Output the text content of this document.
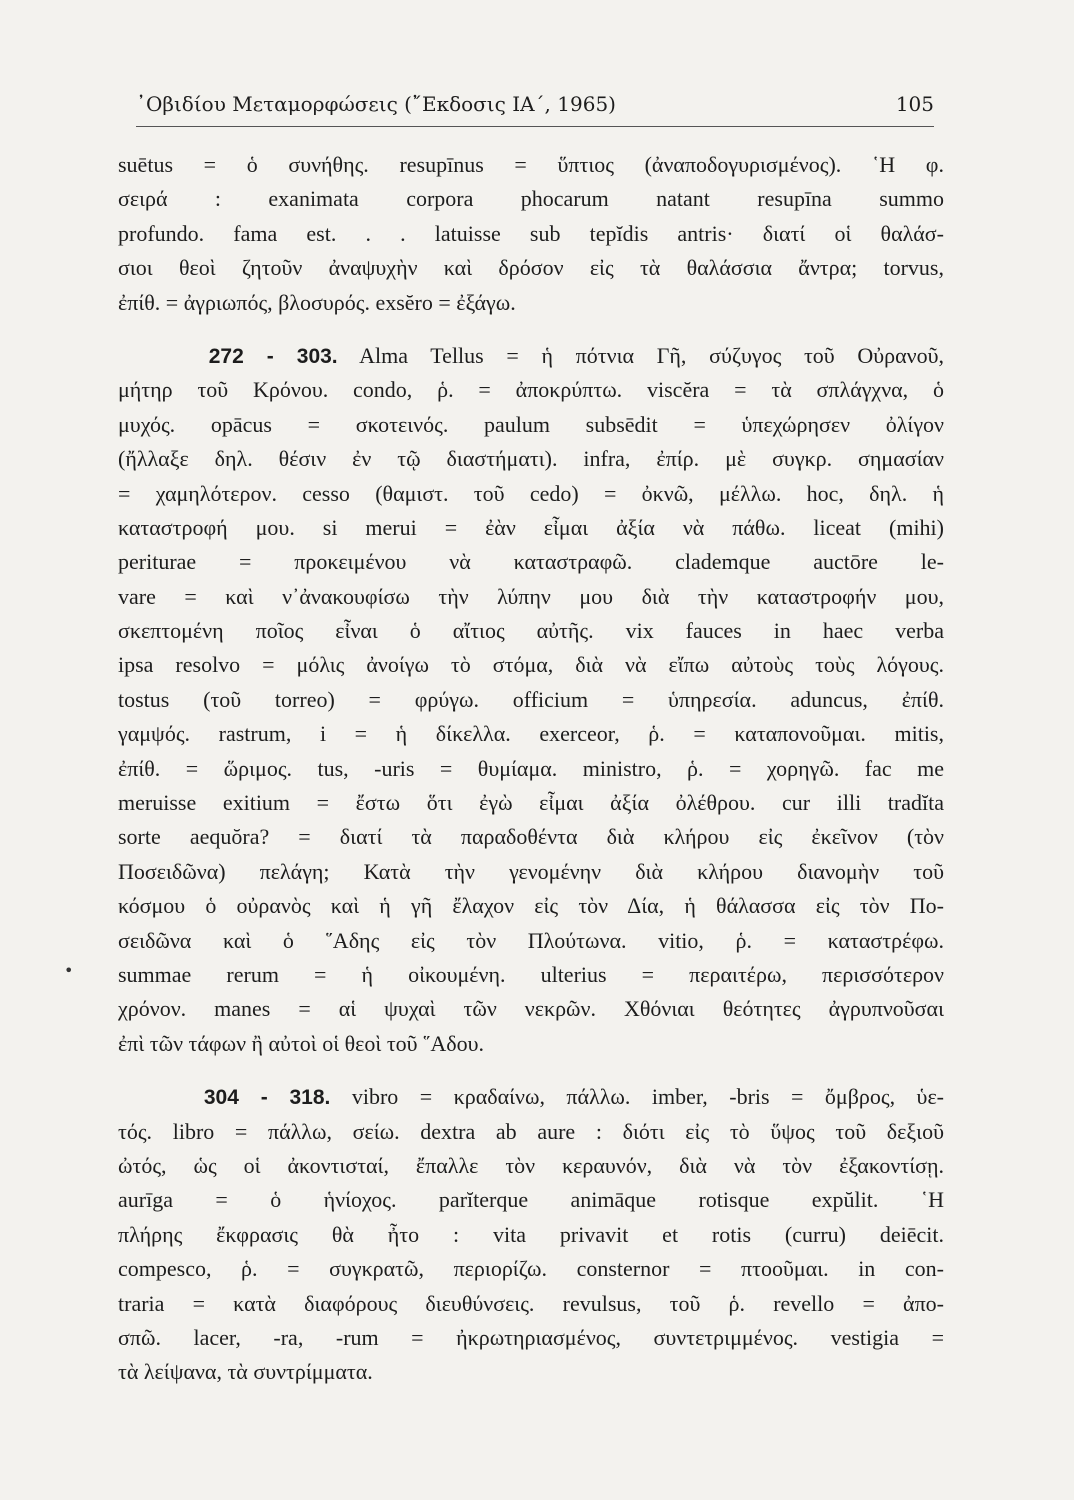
᾿Οβιδίου Μεταμορφώσεις (῎Εκδοσις ΙΑ΄, 1965)	105
•
suētus = ὁ συνήθης. resupīnus = ὕπτιος (ἀναποδογυρισμένος). ῾Η φ.
σειρά : exanimata corpora phocarum natant resupīna summo
profundo. fama est. . . latuisse sub tepĭdis antris· διατί οἱ θαλάσ-
σιοι θεοὶ ζητοῦν ἀναψυχὴν καὶ δρόσον εἰς τὰ θαλάσσια ἄντρα; torvus,
ἐπίθ. = ἀγριωπός, βλοσυρός. exsĕro = ἐξάγω.
272 - 303. Alma Tellus = ἡ πότνια Γῆ, σύζυγος τοῦ Οὐρανοῦ,
μήτηρ τοῦ Κρόνου. condo, ῥ. = ἀποκρύπτω. viscĕra = τὰ σπλάγχνα, ὁ
μυχός. opācus = σκοτεινός. paulum subsēdit = ὑπεχώρησεν ὀλίγον
(ἤλλαξε δηλ. θέσιν ἐν τῷ διαστήματι). infra, ἐπίρ. μὲ συγκρ. σημασίαν
= χαμηλότερον. cesso (θαμιστ. τοῦ cedo) = ὀκνῶ, μέλλω. hoc, δηλ. ἡ
καταστροφή μου. si merui = ἐὰν εἶμαι ἀξία νὰ πάθω. liceat (mihi)
periturae = προκειμένου νὰ καταστραφῶ. clademque auctōre le-
vare = καὶ ν᾿ἀνακουφίσω τὴν λύπην μου διὰ τὴν καταστροφήν μου,
σκεπτομένη ποῖος εἶναι ὁ αἴτιος αὐτῆς. vix fauces in haec verba
ipsa resolvo = μόλις ἀνοίγω τὸ στόμα, διὰ νὰ εἴπω αὐτοὺς τοὺς λόγους.
tostus (τοῦ torreo) = φρύγω. officium = ὑπηρεσία. aduncus, ἐπίθ.
γαμψός. rastrum, i = ἡ δίκελλα. exerceor, ῥ. = καταπονοῦμαι. mitis,
ἐπίθ. = ὥριμος. tus, -uris = θυμίαμα. ministro, ῥ. = χορηγῶ. fac me
meruisse exitium = ἔστω ὅτι ἐγὼ εἶμαι ἀξία ὀλέθρου. cur illi tradĭta
sorte aequŏra? = διατί τὰ παραδοθέντα διὰ κλήρου εἰς ἐκεῖνον (τὸν
Ποσειδῶνα) πελάγη; Κατὰ τὴν γενομένην διὰ κλήρου διανομὴν τοῦ
κόσμου ὁ οὐρανὸς καὶ ἡ γῆ ἔλαχον εἰς τὸν Δία, ἡ θάλασσα εἰς τὸν Πο-
σειδῶνα καὶ ὁ ῞Αδης εἰς τὸν Πλούτωνα. vitio, ῥ. = καταστρέφω.
summae rerum = ἡ οἰκουμένη. ulterius = περαιτέρω, περισσότερον
χρόνον. manes = αἱ ψυχαὶ τῶν νεκρῶν. Χθόνιαι θεότητες ἀγρυπνοῦσαι
ἐπὶ τῶν τάφων ἢ αὐτοὶ οἱ θεοὶ τοῦ ῞Αδου.
304 - 318. vibro = κραδαίνω, πάλλω. imber, -bris = ὄμβρος, ὑε-
τός. libro = πάλλω, σείω. dextra ab aure : διότι εἰς τὸ ὕψος τοῦ δεξιοῦ
ὠτός, ὡς οἱ ἀκοντισταί, ἔπαλλε τὸν κεραυνόν, διὰ νὰ τὸν ἐξακοντίσῃ.
aurīga = ὁ ἡνίοχος. parĭterque animāque rotisque expŭlit. ῾Η
πλήρης ἔκφρασις θὰ ἦτο : vita privavit et rotis (curru) deiēcit.
compesco, ῥ. = συγκρατῶ, περιορίζω. consternor = πτοοῦμαι. in con-
traria = κατὰ διαφόρους διευθύνσεις. revulsus, τοῦ ῥ. revello = ἀπο-
σπῶ. lacer, -ra, -rum = ἠκρωτηριασμένος, συντετριμμένος. vestigia =
τὰ λείψανα, τὰ συντρίμματα.
